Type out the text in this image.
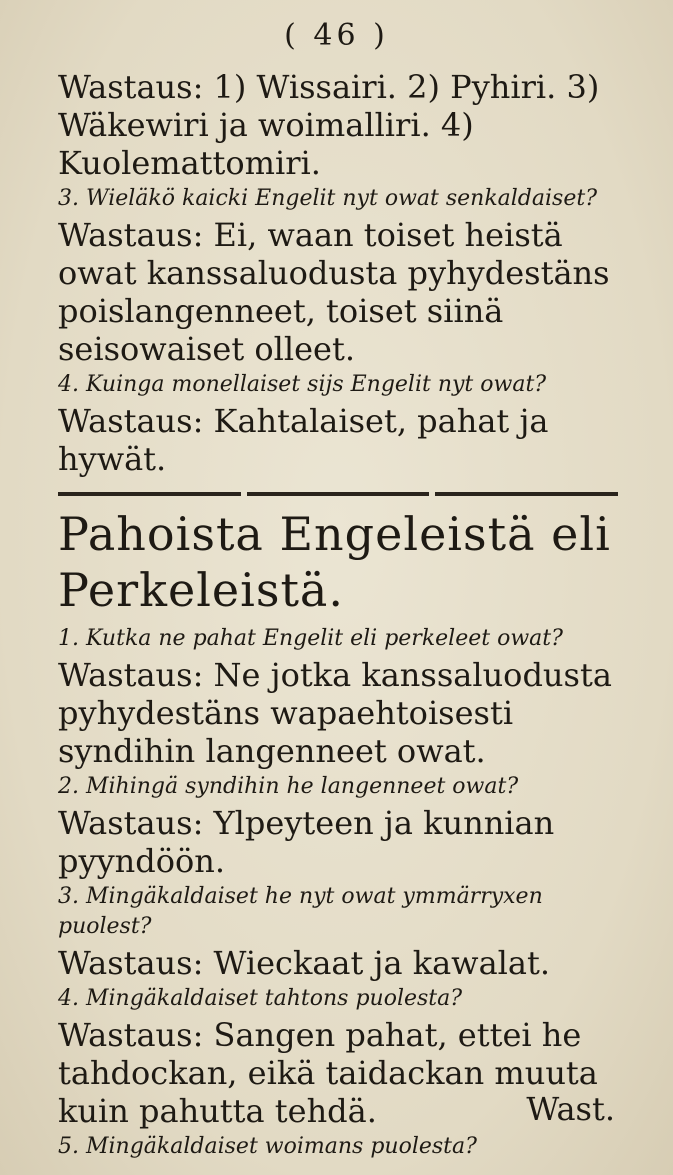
( 46 )

Wastaus: 1) Wissairi. 2) Pyhiri. 3) Wäkewiri ja woimalliri. 4) Kuolemattomiri.

3. Wieläkö kaicki Engelit nyt owat senkaldaiset?

Wastaus: Ei, waan toiset heistä owat kanssaluodusta pyhydestäns poislangenneet, toiset siinä seisowaiset olleet.

4. Kuinga monellaiset sijs Engelit nyt owat?

Wastaus: Kahtalaiset, pahat ja hywät.

Pahoista Engeleistä eli Perkeleistä.

1. Kutka ne pahat Engelit eli perkeleet owat?

Wastaus: Ne jotka kanssaluodusta pyhydestäns wapaehtoisesti syndihin langenneet owat.

2. Mihingä syndihin he langenneet owat?

Wastaus: Ylpeyteen ja kunnian pyyndöön.

3. Mingäkaldaiset he nyt owat ymmärryxen puolest?

Wastaus: Wieckaat ja kawalat.

4. Mingäkaldaiset tahtons puolesta?

Wastaus: Sangen pahat, ettei he tahdockan, eikä taidackan muuta kuin pahutta tehdä.

5. Mingäkaldaiset woimans puolesta?

Wast.
